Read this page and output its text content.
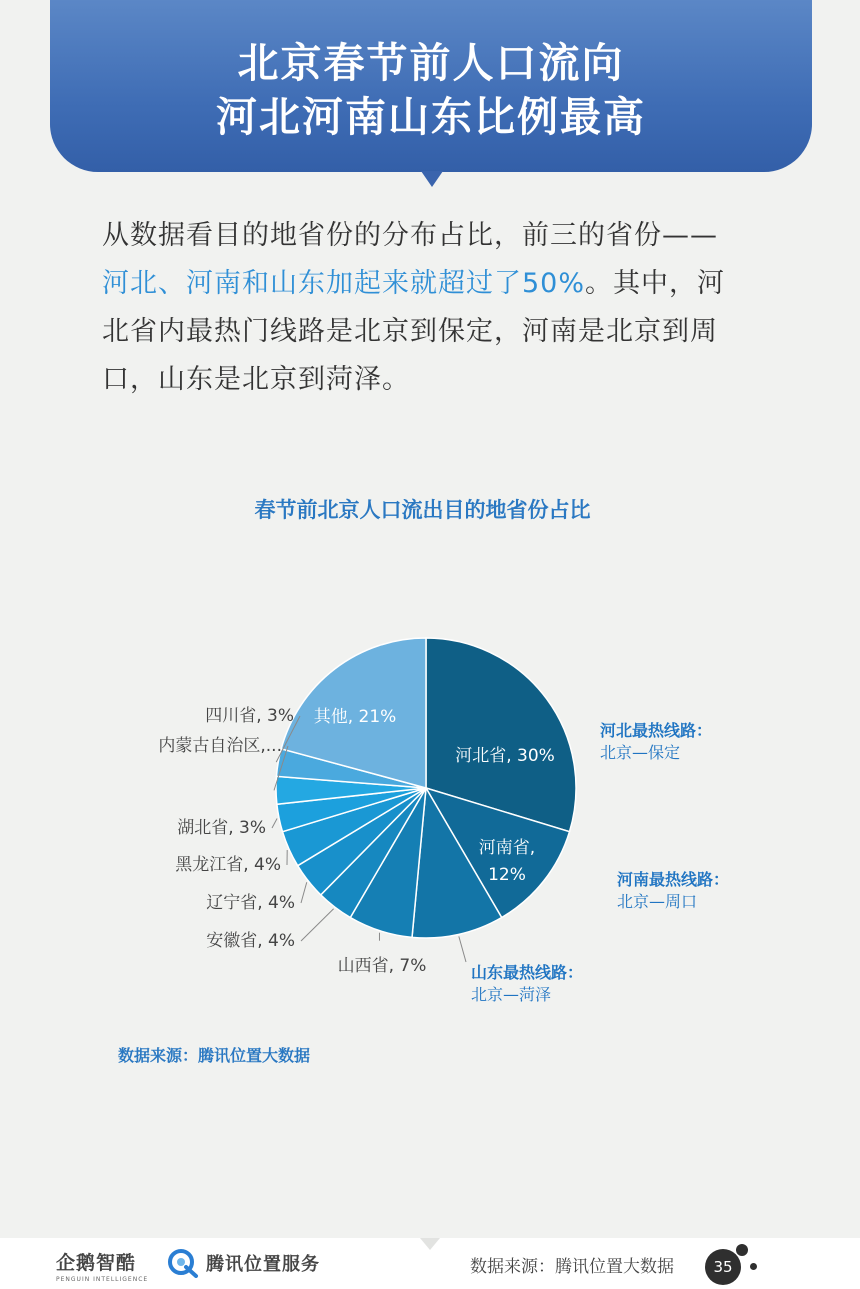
北京春节前人口流向
河北河南山东比例最高
从数据看目的地省份的分布占比，前三的省份——河北、河南和山东加起来就超过了50%。其中，河北省内最热门线路是北京到保定，河南是北京到周口，山东是北京到菏泽。
春节前北京人口流出目的地省份占比
河北省, 30%
河南省,
12%
其他, 21%
山西省, 7%
安徽省, 4%
辽宁省, 4%
黑龙江省, 4%
湖北省, 3%
内蒙古自治区,...
四川省, 3%
河北最热线路：
北京—保定
河南最热线路：
北京—周口
山东最热线路：
北京—菏泽
数据来源：腾讯位置大数据
企鹅智酷
PENGUIN INTELLIGENCE
腾讯位置服务	数据来源：腾讯位置大数据	35
